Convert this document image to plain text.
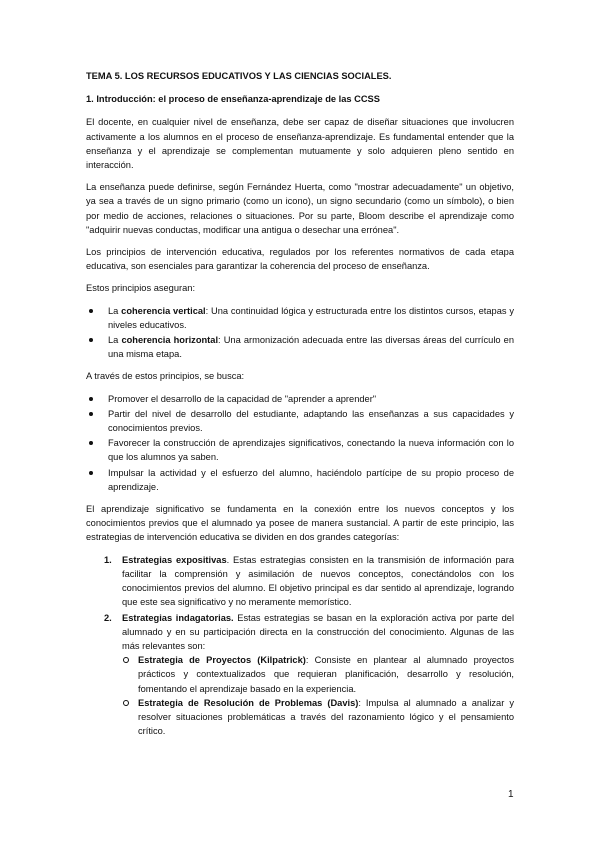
TEMA 5. LOS RECURSOS EDUCATIVOS Y LAS CIENCIAS SOCIALES.

1. Introducción: el proceso de enseñanza-aprendizaje de las CCSS

El docente, en cualquier nivel de enseñanza, debe ser capaz de diseñar situaciones que involucren activamente a los alumnos en el proceso de enseñanza-aprendizaje. Es fundamental entender que la enseñanza y el aprendizaje se complementan mutuamente y solo adquieren pleno sentido en interacción.

La enseñanza puede definirse, según Fernández Huerta, como "mostrar adecuadamente" un objetivo, ya sea a través de un signo primario (como un icono), un signo secundario (como un símbolo), o bien por medio de acciones, relaciones o situaciones. Por su parte, Bloom describe el aprendizaje como "adquirir nuevas conductas, modificar una antigua o desechar una errónea".

Los principios de intervención educativa, regulados por los referentes normativos de cada etapa educativa, son esenciales para garantizar la coherencia del proceso de enseñanza.

Estos principios aseguran:

La coherencia vertical: Una continuidad lógica y estructurada entre los distintos cursos, etapas y niveles educativos.
La coherencia horizontal: Una armonización adecuada entre las diversas áreas del currículo en una misma etapa.

A través de estos principios, se busca:

Promover el desarrollo de la capacidad de "aprender a aprender"
Partir del nivel de desarrollo del estudiante, adaptando las enseñanzas a sus capacidades y conocimientos previos.
Favorecer la construcción de aprendizajes significativos, conectando la nueva información con lo que los alumnos ya saben.
Impulsar la actividad y el esfuerzo del alumno, haciéndolo partícipe de su propio proceso de aprendizaje.

El aprendizaje significativo se fundamenta en la conexión entre los nuevos conceptos y los conocimientos previos que el alumnado ya posee de manera sustancial. A partir de este principio, las estrategias de intervención educativa se dividen en dos grandes categorías:

1. Estrategias expositivas. Estas estrategias consisten en la transmisión de información para facilitar la comprensión y asimilación de nuevos conceptos, conectándolos con los conocimientos previos del alumno. El objetivo principal es dar sentido al aprendizaje, logrando que este sea significativo y no meramente memorístico.
2. Estrategias indagatorias. Estas estrategias se basan en la exploración activa por parte del alumnado y en su participación directa en la construcción del conocimiento. Algunas de las más relevantes son:
Estrategia de Proyectos (Kilpatrick): Consiste en plantear al alumnado proyectos prácticos y contextualizados que requieran planificación, desarrollo y resolución, fomentando el aprendizaje basado en la experiencia.
Estrategia de Resolución de Problemas (Davis): Impulsa al alumnado a analizar y resolver situaciones problemáticas a través del razonamiento lógico y el pensamiento crítico.
1
